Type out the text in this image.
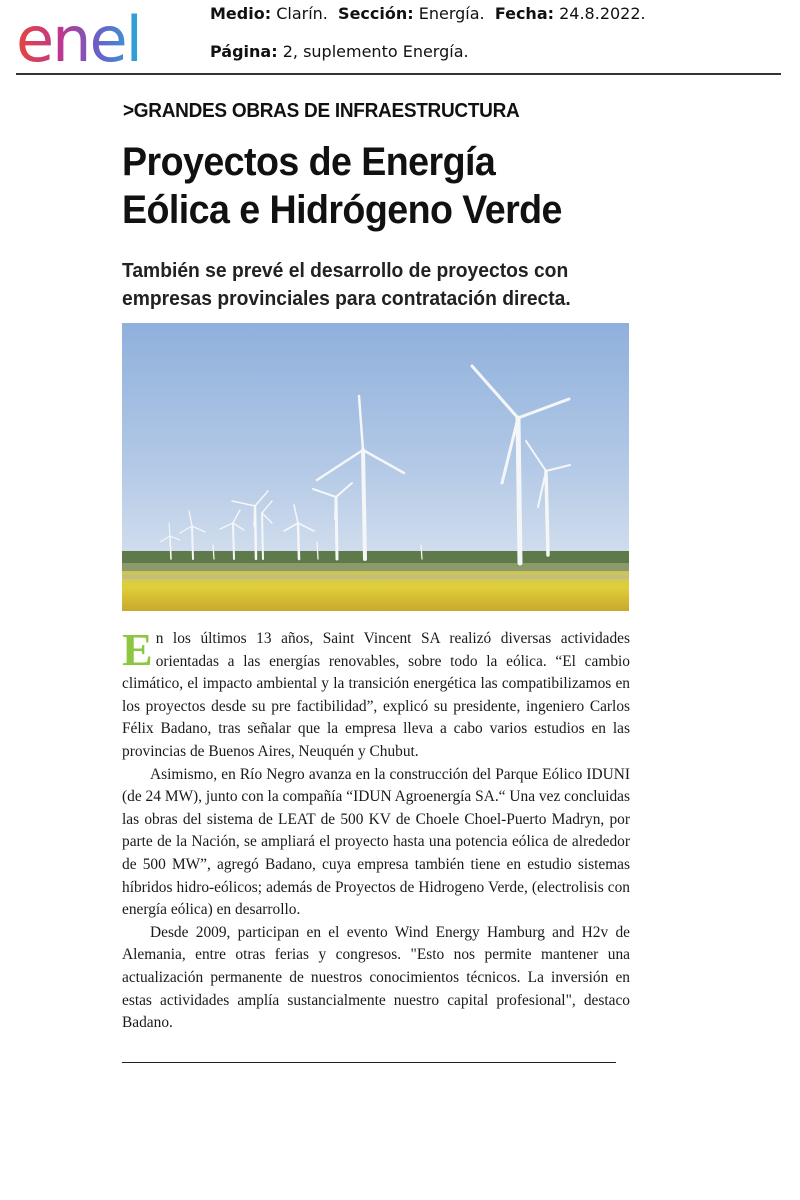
enel	Medio: Clarín. Sección: Energía. Fecha: 24.8.2022.
Página: 2, suplemento Energía.
>GRANDES OBRAS DE INFRAESTRUCTURA
Proyectos de Energía Eólica e Hidrógeno Verde
También se prevé el desarrollo de proyectos con empresas provinciales para contratación directa.

En los últimos 13 años, Saint Vincent SA realizó diversas actividades orientadas a las energías renovables, sobre todo la eólica. “El cambio climático, el impacto ambiental y la transición energética las compatibilizamos en los proyectos desde su pre factibilidad”, explicó su presidente, ingeniero Carlos Félix Badano, tras señalar que la empresa lleva a cabo varios estudios en las provincias de Buenos Aires, Neuquén y Chubut.

Asimismo, en Río Negro avanza en la construcción del Parque Eólico IDUNI (de 24 MW), junto con la compañía “IDUN Agroenergía SA.“ Una vez concluidas las obras del sistema de LEAT de 500 KV de Choele Choel-Puerto Madryn, por parte de la Nación, se ampliará el proyecto hasta una potencia eólica de alrededor de 500 MW”, agregó Badano, cuya empresa también tiene en estudio sistemas híbridos hidro-eólicos; además de Proyectos de Hidrogeno Verde, (electrolisis con energía eólica) en desarrollo.

Desde 2009, participan en el evento Wind Energy Hamburg and H2v de Alemania, entre otras ferias y congresos. "Esto nos permite mantener una actualización permanente de nuestros conocimientos técnicos. La inversión en estas actividades amplía sustancialmente nuestro capital profesional", destaco Badano.
